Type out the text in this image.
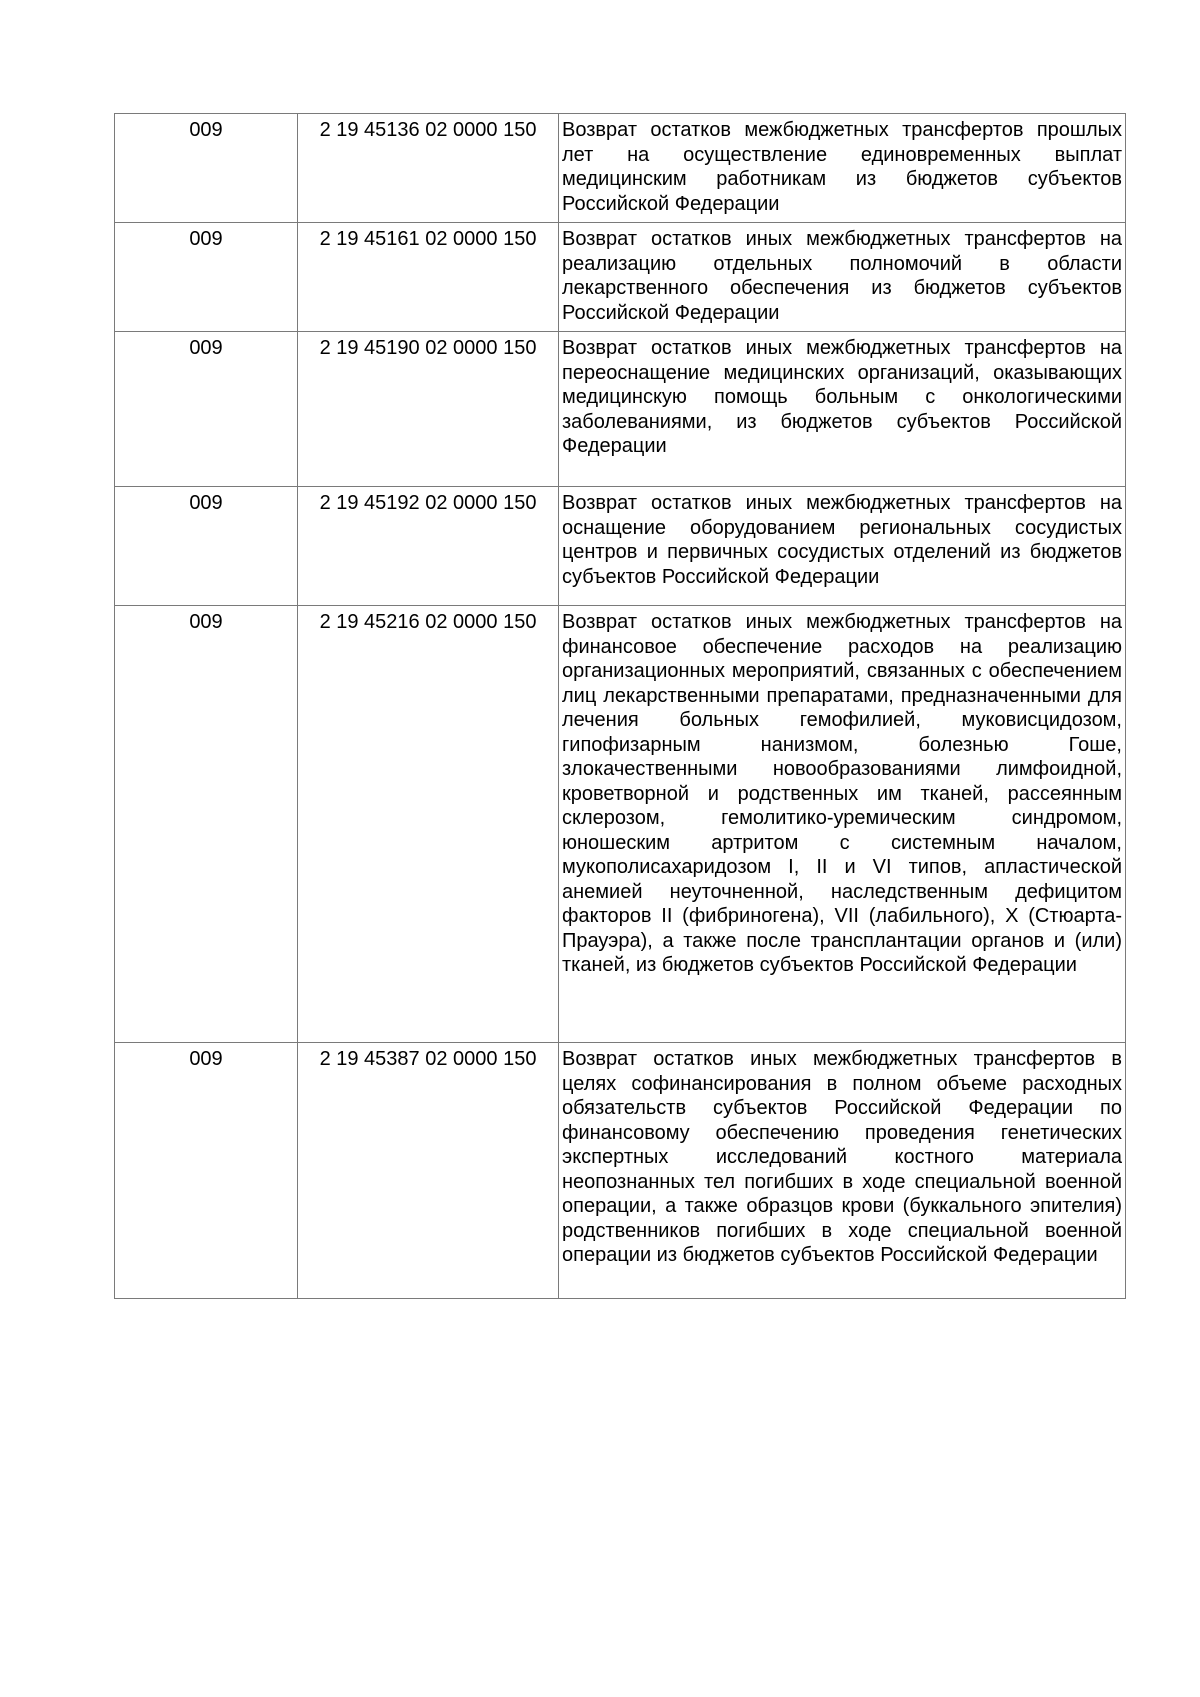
009	2 19 45136 02 0000 150	Возврат остатков межбюджетных трансфертов прошлых лет на осуществление единовременных выплат медицинским работникам из бюджетов субъектов Российской Федерации
009	2 19 45161 02 0000 150	Возврат остатков иных межбюджетных трансфертов на реализацию отдельных полномочий в области лекарственного обеспечения из бюджетов субъектов Российской Федерации
009	2 19 45190 02 0000 150	Возврат остатков иных межбюджетных трансфертов на переоснащение медицинских организаций, оказывающих медицинскую помощь больным с онкологическими заболеваниями, из бюджетов субъектов Российской Федерации
009	2 19 45192 02 0000 150	Возврат остатков иных межбюджетных трансфертов на оснащение оборудованием региональных сосудистых центров и первичных сосудистых отделений из бюджетов субъектов Российской Федерации
009	2 19 45216 02 0000 150	Возврат остатков иных межбюджетных трансфертов на финансовое обеспечение расходов на реализацию организационных мероприятий, связанных с обеспечением лиц лекарственными препаратами, предназначенными для лечения больных гемофилией, муковисцидозом, гипофизарным нанизмом, болезнью Гоше, злокачественными новообразованиями лимфоидной, кроветворной и родственных им тканей, рассеянным склерозом, гемолитико-уремическим синдромом, юношеским артритом с системным началом, мукополисахаридозом I, II и VI типов, апластической анемией неуточненной, наследственным дефицитом факторов II (фибриногена), VII (лабильного), X (Стюарта-Прауэра), а также после трансплантации органов и (или) тканей, из бюджетов субъектов Российской Федерации
009	2 19 45387 02 0000 150	Возврат остатков иных межбюджетных трансфертов в целях софинансирования в полном объеме расходных обязательств субъектов Российской Федерации по финансовому обеспечению проведения генетических экспертных исследований костного материала неопознанных тел погибших в ходе специальной военной операции, а также образцов крови (буккального эпителия) родственников погибших в ходе специальной военной операции из бюджетов субъектов Российской Федерации
